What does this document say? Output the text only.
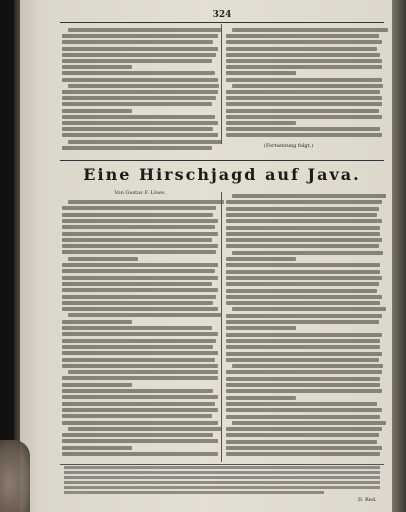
324
(Fortsetzung folgt.)
Eine Hirschjagd auf Java.
Von Gustav F. Löwe.
D. Red.
